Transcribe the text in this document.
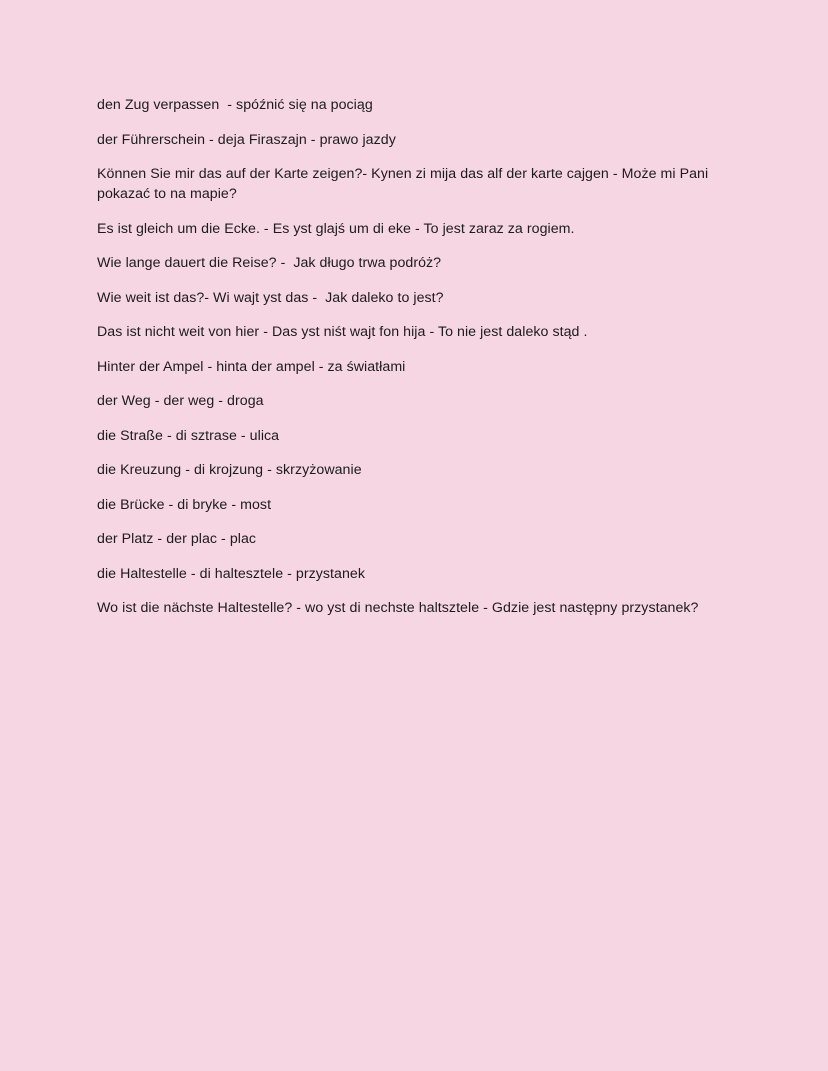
den Zug verpassen  - spóźnić się na pociąg

der Führerschein - deja Firaszajn - prawo jazdy

Können Sie mir das auf der Karte zeigen?- Kynen zi mija das alf der karte cajgen - Może mi Pani pokazać to na mapie?

Es ist gleich um die Ecke. - Es yst glajś um di eke - To jest zaraz za rogiem.

Wie lange dauert die Reise? -  Jak długo trwa podróż?

Wie weit ist das?- Wi wajt yst das -  Jak daleko to jest?

Das ist nicht weit von hier - Das yst niśt wajt fon hija - To nie jest daleko stąd .

Hinter der Ampel - hinta der ampel - za światłami

der Weg - der weg - droga

die Straße - di sztrase - ulica

die Kreuzung - di krojzung - skrzyżowanie

die Brücke - di bryke - most

der Platz - der plac - plac

die Haltestelle - di haltesztele - przystanek

Wo ist die nächste Haltestelle? - wo yst di nechste haltsztele - Gdzie jest następny przystanek?
